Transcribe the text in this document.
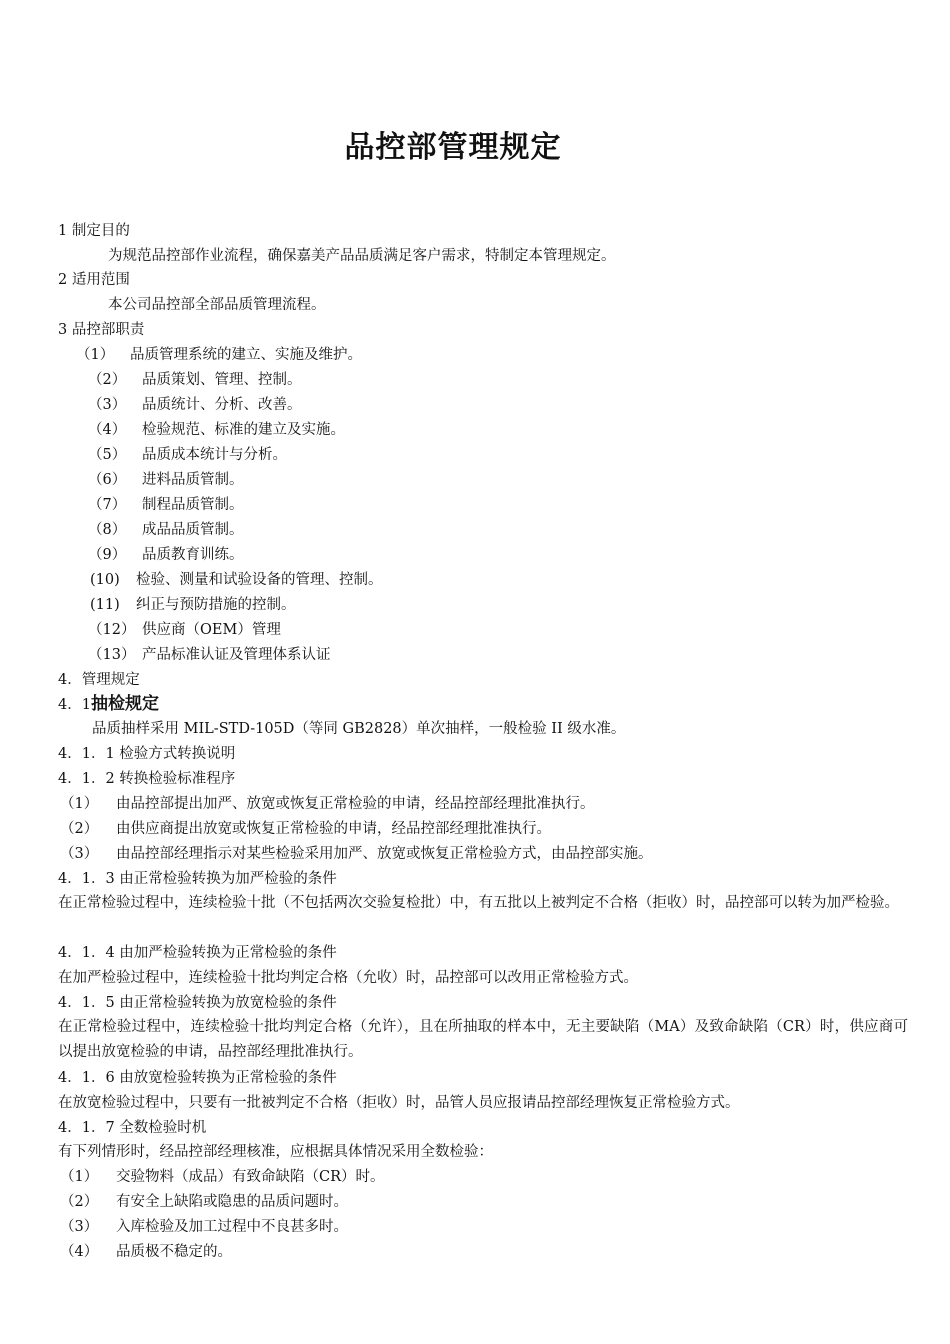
品控部管理规定
1 制定目的
为规范品控部作业流程，确保嘉美产品品质满足客户需求，特制定本管理规定。
2 适用范围
本公司品控部全部品质管理流程。
3 品控部职责
（1） 品质管理系统的建立、实施及维护。
（2） 品质策划、管理、控制。
（3） 品质统计、分析、改善。
（4） 检验规范、标准的建立及实施。
（5） 品质成本统计与分析。
（6） 进料品质管制。
（7） 制程品质管制。
（8） 成品品质管制。
（9） 品质教育训练。
(10) 检验、测量和试验设备的管理、控制。
(11) 纠正与预防措施的控制。
（12） 供应商（OEM）管理
（13） 产品标准认证及管理体系认证
4．管理规定
4．1抽检规定
品质抽样采用 MIL-STD-105D（等同 GB2828）单次抽样，一般检验 II 级水准。
4．1．1 检验方式转换说明
4．1．2 转换检验标准程序
（1） 由品控部提出加严、放宽或恢复正常检验的申请，经品控部经理批准执行。
（2） 由供应商提出放宽或恢复正常检验的申请，经品控部经理批准执行。
（3） 由品控部经理指示对某些检验采用加严、放宽或恢复正常检验方式，由品控部实施。
4．1．3 由正常检验转换为加严检验的条件
在正常检验过程中，连续检验十批（不包括两次交验复检批）中，有五批以上被判定不合格（拒收）时，品控部可以转为加严检验。
4．1．4 由加严检验转换为正常检验的条件
在加严检验过程中，连续检验十批均判定合格（允收）时，品控部可以改用正常检验方式。
4．1．5 由正常检验转换为放宽检验的条件
在正常检验过程中，连续检验十批均判定合格（允许），且在所抽取的样本中，无主要缺陷（MA）及致命缺陷（CR）时，供应商可以提出放宽检验的申请，品控部经理批准执行。
4．1．6 由放宽检验转换为正常检验的条件
在放宽检验过程中，只要有一批被判定不合格（拒收）时，品管人员应报请品控部经理恢复正常检验方式。
4．1．7 全数检验时机
有下列情形时，经品控部经理核准，应根据具体情况采用全数检验：
（1） 交验物料（成品）有致命缺陷（CR）时。
（2） 有安全上缺陷或隐患的品质问题时。
（3） 入库检验及加工过程中不良甚多时。
（4） 品质极不稳定的。
